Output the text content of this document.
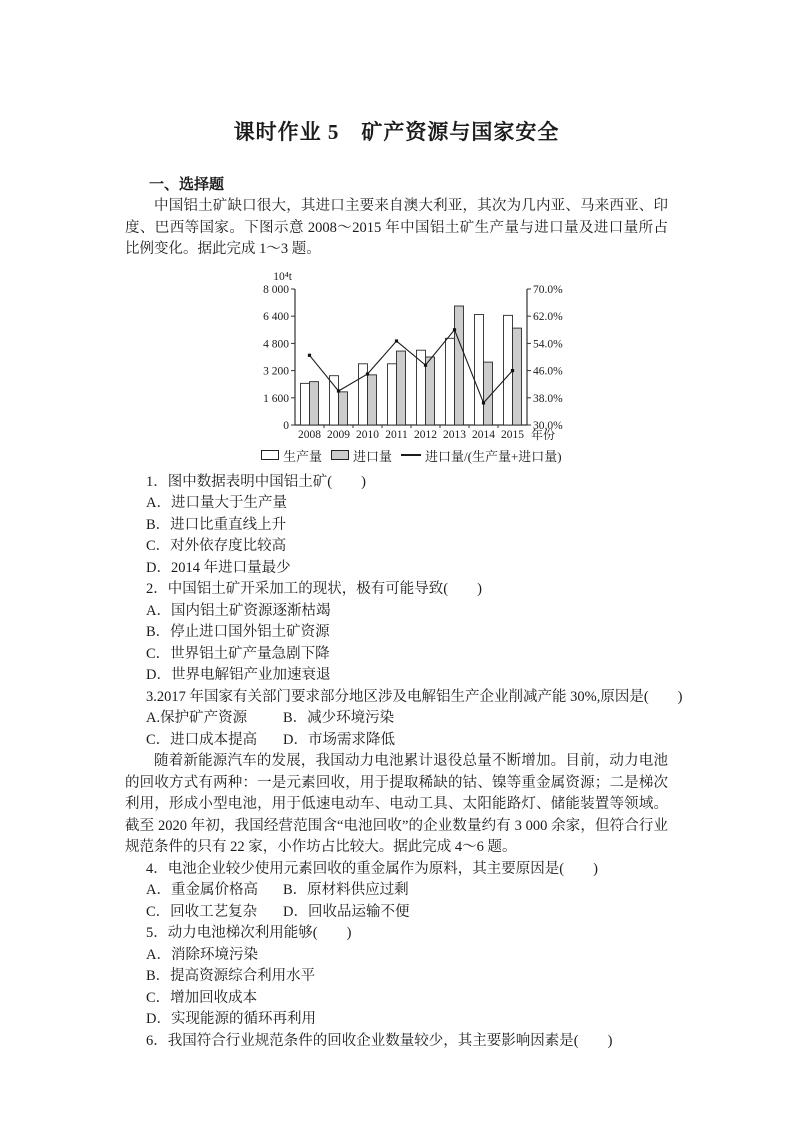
课时作业 5　矿产资源与国家安全
一、选择题

中国铝土矿缺口很大，其进口主要来自澳大利亚，其次为几内亚、马来西亚、印度、巴西等国家。下图示意 2008～2015 年中国铝土矿生产量与进口量及进口量所占比例变化。据此完成 1～3 题。

8 000
6 400
4 800
3 200
1 600
0
70.0%
62.0%
54.0%
46.0%
38.0%
30.0%
2008 2009 2010 2011 2012 2013 2014 2015
10⁴t
年份
生产量 进口量	进口量/(生产量+进口量)
1．图中数据表明中国铝土矿(　　)
A．进口量大于生产量
B．进口比重直线上升
C．对外依存度比较高
D．2014 年进口量最少
2．中国铝土矿开采加工的现状，极有可能导致(　　)
A．国内铝土矿资源逐渐枯竭
B．停止进口国外铝土矿资源
C．世界铝土矿产量急剧下降
D．世界电解铝产业加速衰退
3.2017 年国家有关部门要求部分地区涉及电解铝生产企业削减产能 30%,原因是(　　)
A.保护矿产资源 B．减少环境污染
C．进口成本提高 D．市场需求降低

随着新能源汽车的发展，我国动力电池累计退役总量不断增加。目前，动力电池的回收方式有两种：一是元素回收，用于提取稀缺的钴、镍等重金属资源；二是梯次利用，形成小型电池，用于低速电动车、电动工具、太阳能路灯、储能装置等领域。截至 2020 年初，我国经营范围含“电池回收”的企业数量约有 3 000 余家，但符合行业规范条件的只有 22 家，小作坊占比较大。据此完成 4～6 题。

4．电池企业较少使用元素回收的重金属作为原料，其主要原因是(　　)
A．重金属价格高 B．原材料供应过剩
C．回收工艺复杂 D．回收品运输不便
5．动力电池梯次利用能够(　　)
A．消除环境污染
B．提高资源综合利用水平
C．增加回收成本
D．实现能源的循环再利用
6．我国符合行业规范条件的回收企业数量较少，其主要影响因素是(　　)
